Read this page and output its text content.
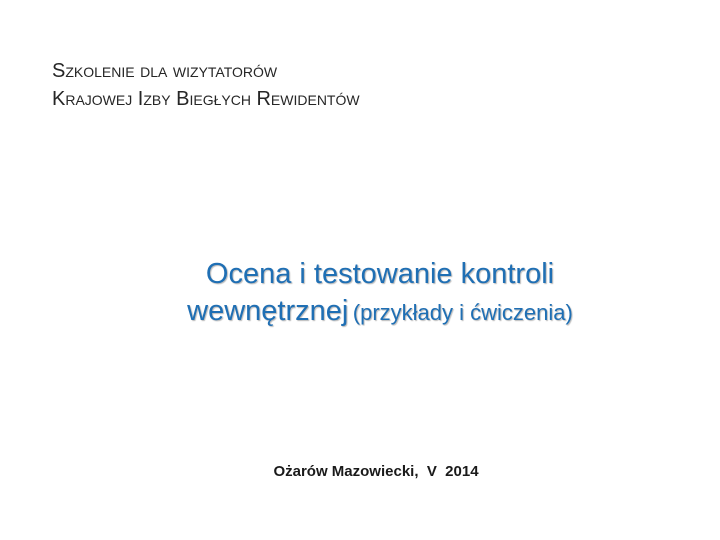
Szkolenie dla wizytatorów
Krajowej Izby Biegłych Rewidentów
Ocena i testowanie kontroli
wewnętrznej (przykłady i ćwiczenia)
Ożarów Mazowiecki,  V  2014
